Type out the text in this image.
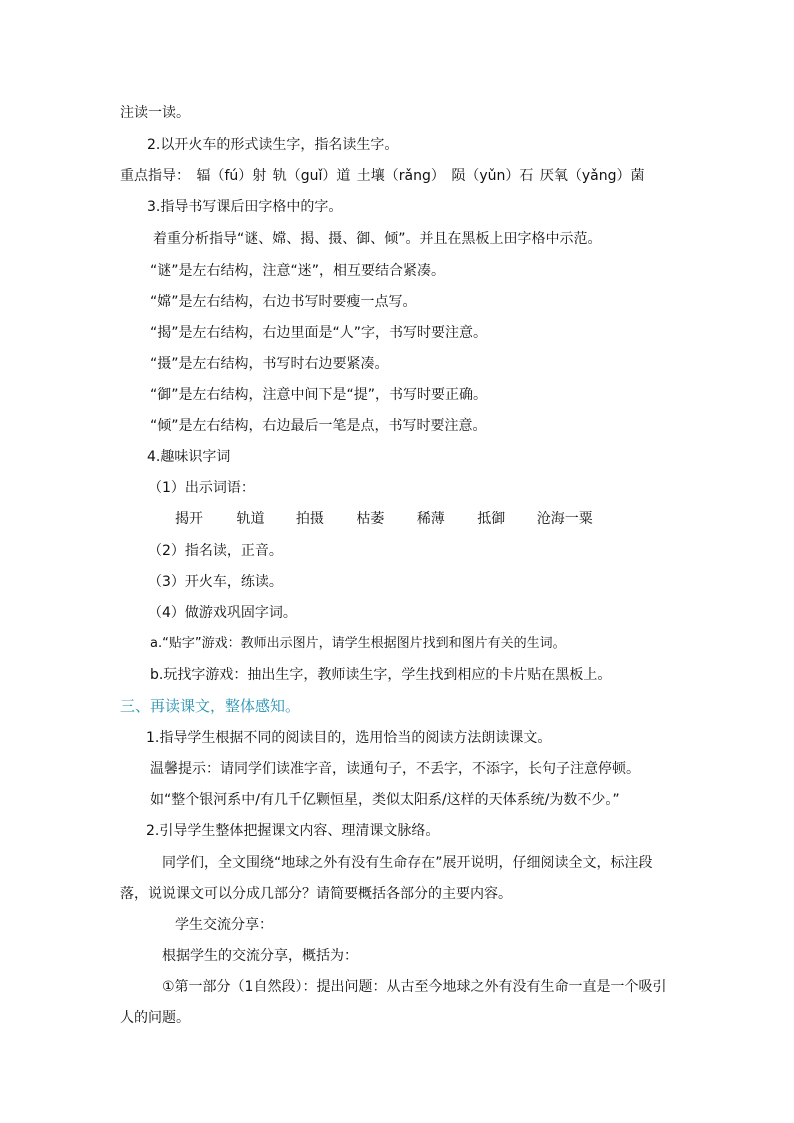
注读一读。
2.以开火车的形式读生字，指名读生字。
重点指导： 辐（fú）射 轨（guǐ）道 土壤（rǎng） 陨（yǔn）石 厌氧（yǎng）菌
3.指导书写课后田字格中的字。
着重分析指导“谜、嫦、揭、摄、御、倾”。并且在黑板上田字格中示范。
“谜”是左右结构，注意“迷”，相互要结合紧凑。
“嫦”是左右结构，右边书写时要瘦一点写。
“揭”是左右结构，右边里面是“人”字，书写时要注意。
“摄”是左右结构，书写时右边要紧凑。
“御”是左右结构，注意中间下是“提”，书写时要正确。
“倾”是左右结构，右边最后一笔是点，书写时要注意。
4.趣味识字词
（1）出示词语：
揭开 轨道 拍摄 枯萎 稀薄 抵御 沧海一粟
（2）指名读，正音。
（3）开火车，练读。
（4）做游戏巩固字词。
a.“贴字”游戏：教师出示图片，请学生根据图片找到和图片有关的生词。
b.玩找字游戏：抽出生字，教师读生字，学生找到相应的卡片贴在黑板上。
三、再读课文，整体感知。
1.指导学生根据不同的阅读目的，选用恰当的阅读方法朗读课文。
温馨提示：请同学们读准字音，读通句子，不丢字，不添字，长句子注意停顿。
如“整个银河系中/有几千亿颗恒星，类似太阳系/这样的天体系统/为数不少。”
2.引导学生整体把握课文内容、理清课文脉络。
同学们，全文围绕“地球之外有没有生命存在”展开说明，仔细阅读全文，标注段
落，说说课文可以分成几部分？请简要概括各部分的主要内容。
学生交流分享：
根据学生的交流分享，概括为：
①第一部分（1自然段）：提出问题：从古至今地球之外有没有生命一直是一个吸引
人的问题。
